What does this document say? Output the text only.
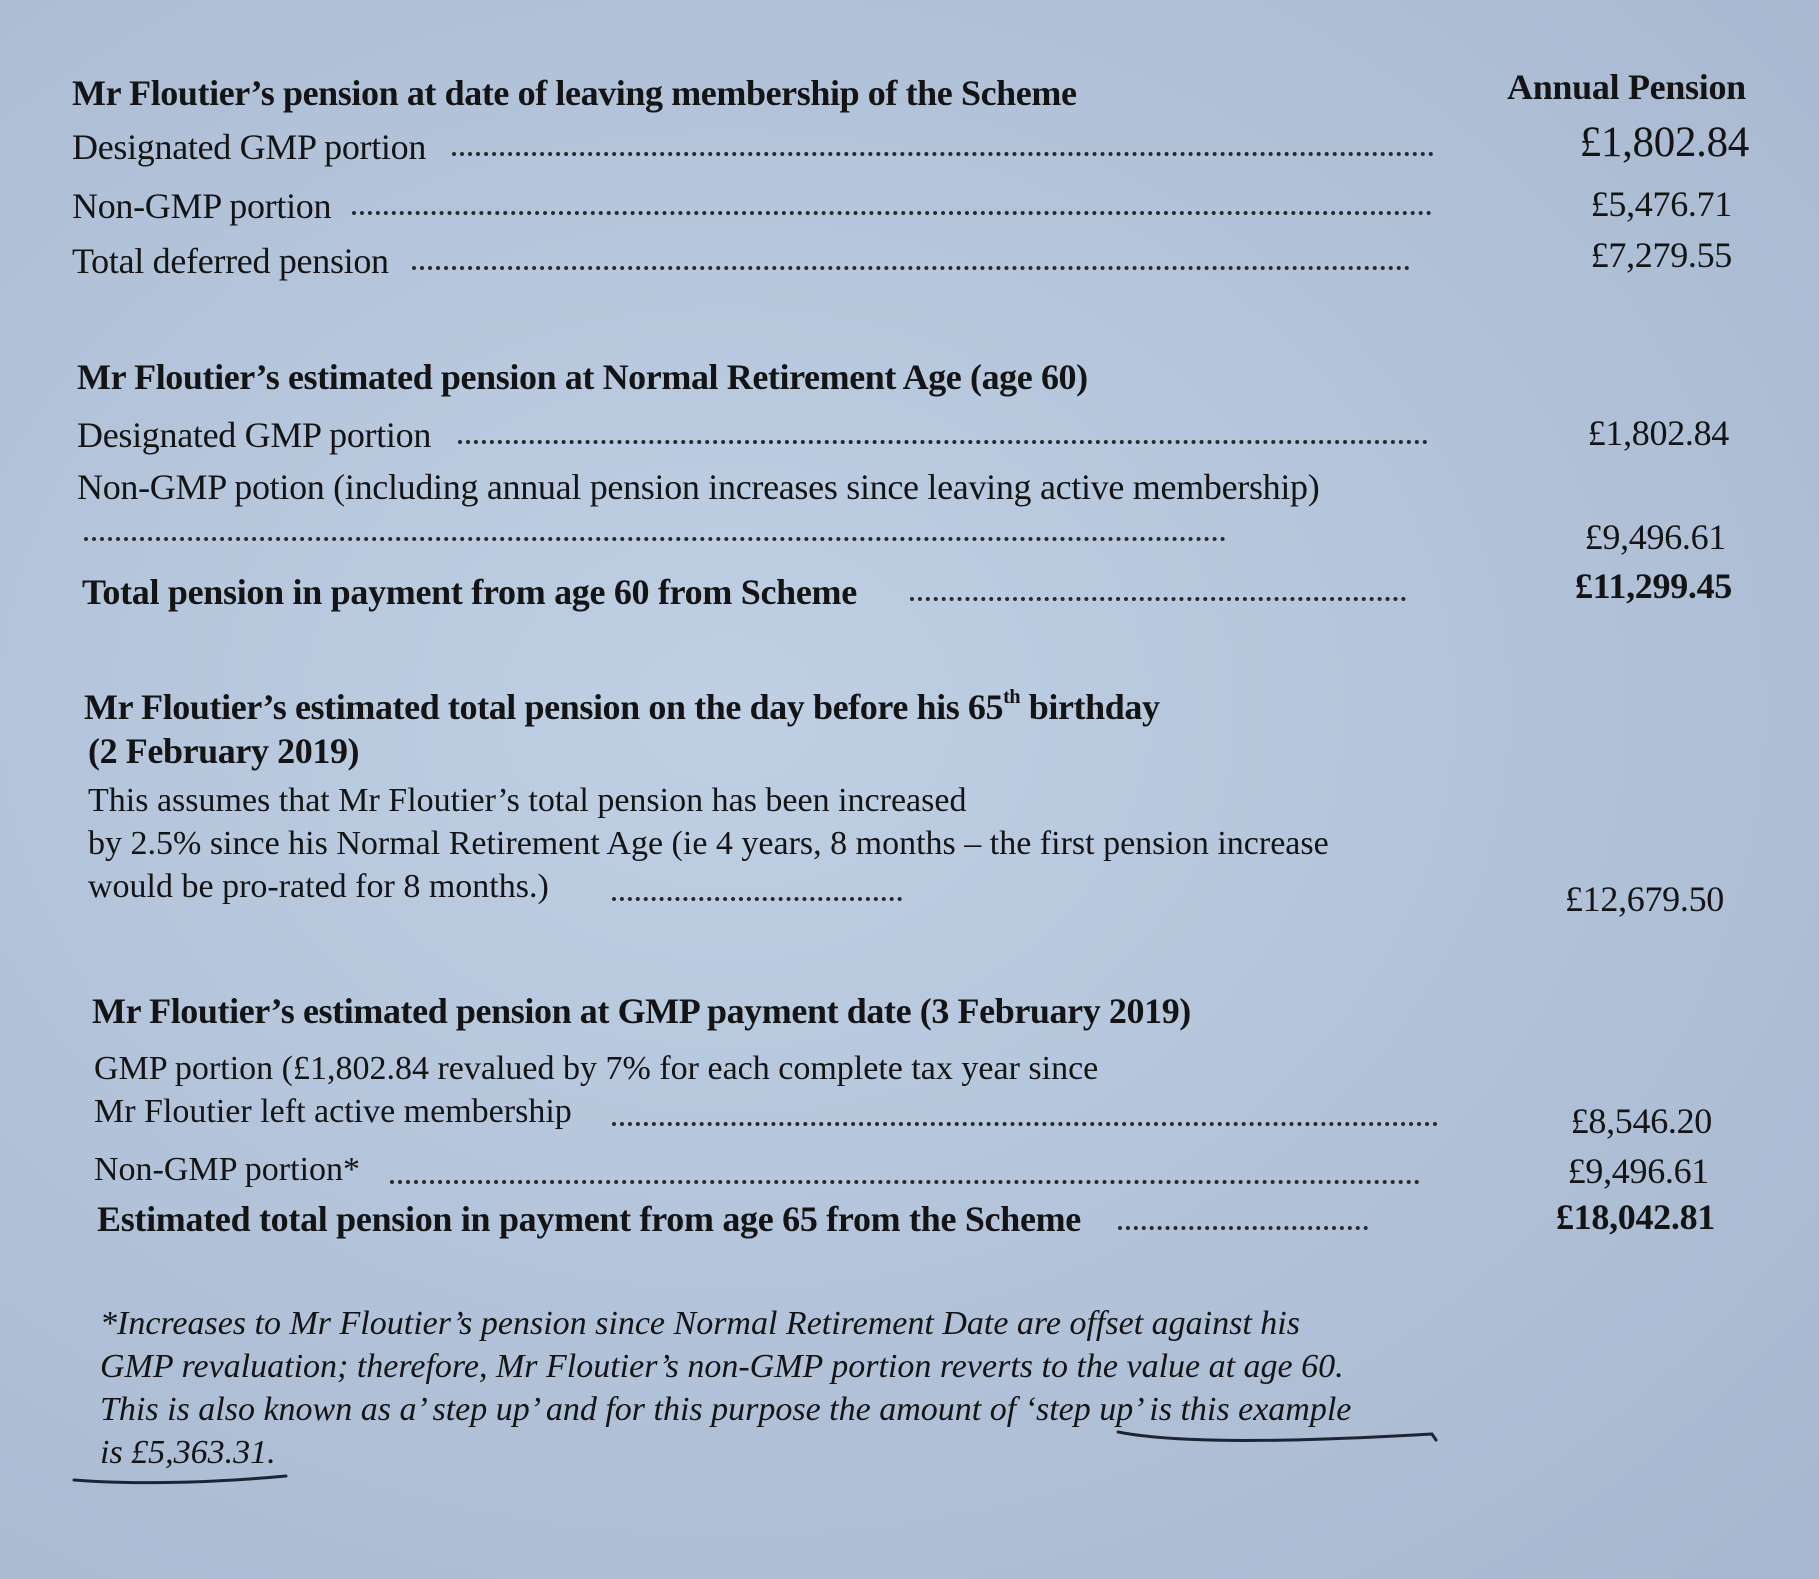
Annual Pension
Mr Floutier’s pension at date of leaving membership of the Scheme
Designated GMP portion	£1,802.84
Non-GMP portion	£5,476.71
Total deferred pension	£7,279.55
Mr Floutier’s estimated pension at Normal Retirement Age (age 60)
Designated GMP portion	£1,802.84
Non-GMP potion (including annual pension increases since leaving active membership)
£9,496.61
Total pension in payment from age 60 from Scheme	£11,299.45
Mr Floutier’s estimated total pension on the day before his 65th birthday
(2 February 2019)
This assumes that Mr Floutier’s total pension has been increased
by 2.5% since his Normal Retirement Age (ie 4 years, 8 months – the first pension increase
would be pro-rated for 8 months.)	£12,679.50
Mr Floutier’s estimated pension at GMP payment date (3 February 2019)
GMP portion (£1,802.84 revalued by 7% for each complete tax year since
Mr Floutier left active membership	£8,546.20
Non-GMP portion*	£9,496.61
Estimated total pension in payment from age 65 from the Scheme	£18,042.81
*Increases to Mr Floutier’s pension since Normal Retirement Date are offset against his
GMP revaluation; therefore, Mr Floutier’s non-GMP portion reverts to the value at age 60.
This is also known as a’ step up’ and for this purpose the amount of ‘step up’ is this example
is £5,363.31.
